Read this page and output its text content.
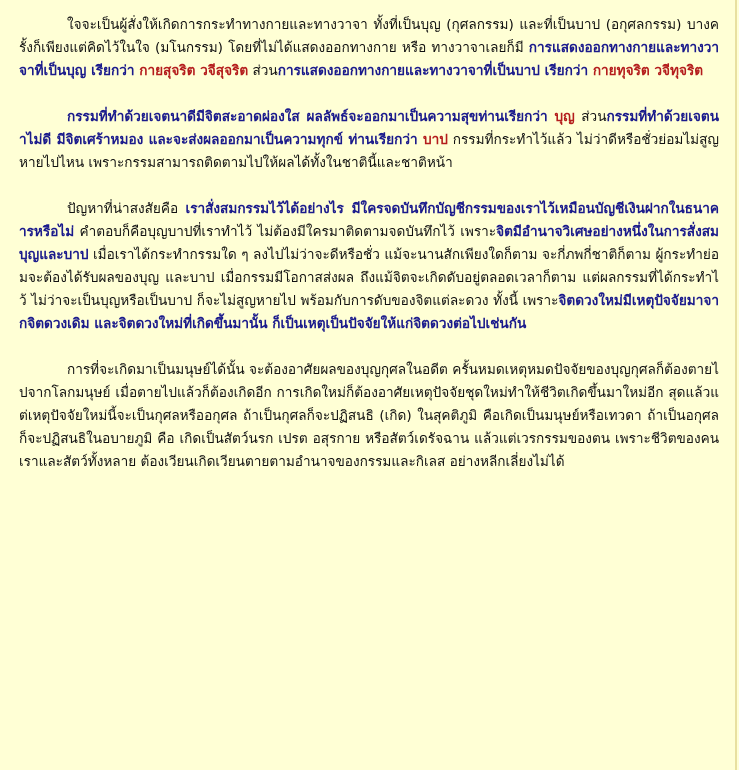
ใจจะเป็นผู้สั่งให้เกิดการกระทำทางกายและทางวาจา ทั้งที่เป็นบุญ (กุศลกรรม) และที่เป็นบาป (อกุศลกรรม) บางครั้งก็เพียงแต่คิดไว้ในใจ (มโนกรรม) โดยที่ไม่ได้แสดงออกทางกาย หรือ ทางวาจาเลยก็มี การแสดงออกทางกายและทางวาจาที่เป็นบุญ เรียกว่า กายสุจริต วจีสุจริต ส่วนการแสดงออกทางกายและทางวาจาที่เป็นบาป เรียกว่า กายทุจริต วจีทุจริต

กรรมที่ทำด้วยเจตนาดีมีจิตสะอาดผ่องใส ผลลัพธ์จะออกมาเป็นความสุขท่านเรียกว่า บุญ ส่วนกรรมที่ทำด้วยเจตนาไม่ดี มีจิตเศร้าหมอง และจะส่งผลออกมาเป็นความทุกข์ ท่านเรียกว่า บาป กรรมที่กระทำไว้แล้ว ไม่ว่าดีหรือชั่วย่อมไม่สูญหายไปไหน เพราะกรรมสามารถติดตามไปให้ผลได้ทั้งในชาตินี้และชาติหน้า

ปัญหาที่น่าสงสัยคือ เราสั่งสมกรรมไว้ได้อย่างไร มีใครจดบันทึกบัญชีกรรมของเราไว้เหมือนบัญชีเงินฝากในธนาคารหรือไม่ คำตอบก็คือบุญบาปที่เราทำไว้ ไม่ต้องมีใครมาติดตามจดบันทึกไว้ เพราะจิตมีอำนาจวิเศษอย่างหนึ่งในการสั่งสมบุญและบาป เมื่อเราได้กระทำกรรมใด ๆ ลงไปไม่ว่าจะดีหรือชั่ว แม้จะนานสักเพียงใดก็ตาม จะกี่ภพกี่ชาติก็ตาม ผู้กระทำย่อมจะต้องได้รับผลของบุญ และบาป เมื่อกรรมมีโอกาสส่งผล ถึงแม้จิตจะเกิดดับอยู่ตลอดเวลาก็ตาม แต่ผลกรรมที่ได้กระทำไว้ ไม่ว่าจะเป็นบุญหรือเป็นบาป ก็จะไม่สูญหายไป พร้อมกับการดับของจิตแต่ละดวง ทั้งนี้ เพราะจิตดวงใหม่มีเหตุปัจจัยมาจากจิตดวงเดิม และจิตดวงใหม่ที่เกิดขึ้นมานั้น ก็เป็นเหตุเป็นปัจจัยให้แก่จิตดวงต่อไปเช่นกัน

การที่จะเกิดมาเป็นมนุษย์ได้นั้น จะต้องอาศัยผลของบุญกุศลในอดีต ครั้นหมดเหตุหมดปัจจัยของบุญกุศลก็ต้องตายไปจากโลกมนุษย์ เมื่อตายไปแล้วก็ต้องเกิดอีก การเกิดใหม่ก็ต้องอาศัยเหตุปัจจัยชุดใหม่ทำให้ชีวิตเกิดขึ้นมาใหม่อีก สุดแล้วแต่เหตุปัจจัยใหม่นี้จะเป็นกุศลหรืออกุศล ถ้าเป็นกุศลก็จะปฏิสนธิ (เกิด) ในสุคติภูมิ คือเกิดเป็นมนุษย์หรือเทวดา ถ้าเป็นอกุศลก็จะปฏิสนธิในอบายภูมิ คือ เกิดเป็นสัตว์นรก เปรต อสุรกาย หรือสัตว์เดรัจฉาน แล้วแต่เวรกรรมของตน เพราะชีวิตของคนเราและสัตว์ทั้งหลาย ต้องเวียนเกิดเวียนตายตามอำนาจของกรรมและกิเลส อย่างหลีกเลี่ยงไม่ได้
